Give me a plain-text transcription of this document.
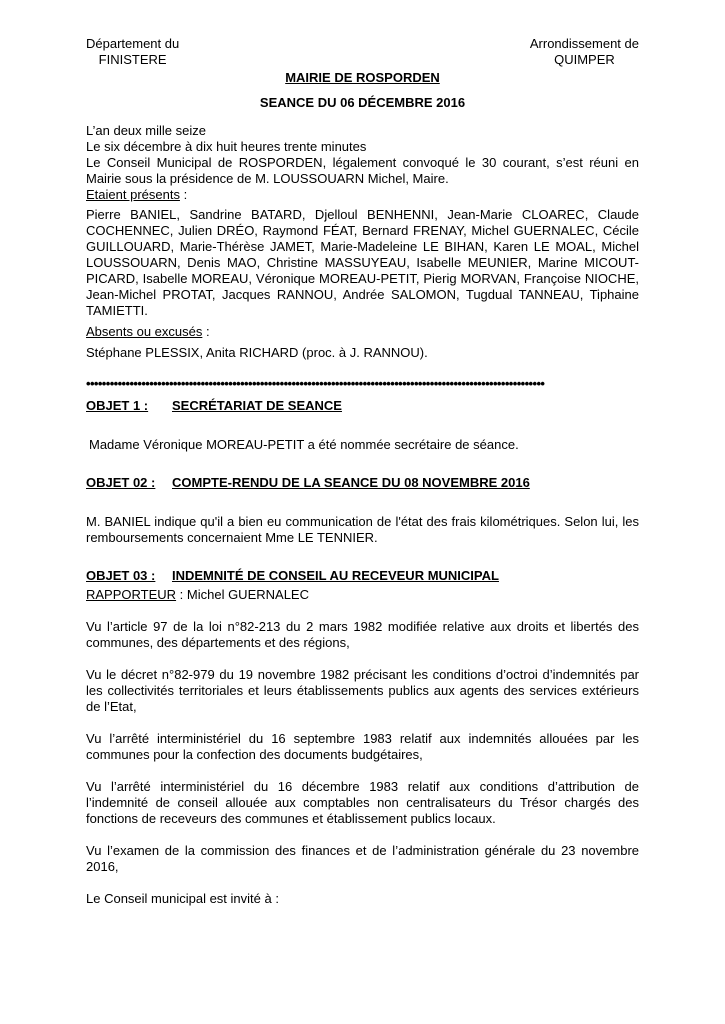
Département du
FINISTERE
Arrondissement de
QUIMPER
MAIRIE DE ROSPORDEN
SEANCE DU 06 DÉCEMBRE 2016

L’an deux mille seize

Le six décembre à dix huit heures trente minutes

Le Conseil Municipal de ROSPORDEN, légalement convoqué le 30 courant, s’est réuni en Mairie sous la présidence de M. LOUSSOUARN Michel, Maire.

Etaient présents :

Pierre BANIEL, Sandrine BATARD, Djelloul BENHENNI, Jean-Marie CLOAREC, Claude COCHENNEC, Julien DRÉO, Raymond FÉAT, Bernard FRENAY, Michel GUERNALEC, Cécile GUILLOUARD, Marie-Thérèse JAMET, Marie-Madeleine LE BIHAN, Karen LE MOAL, Michel LOUSSOUARN, Denis MAO, Christine MASSUYEAU, Isabelle MEUNIER, Marine MICOUT-PICARD, Isabelle MOREAU, Véronique MOREAU-PETIT, Pierig MORVAN, Françoise NIOCHE, Jean-Michel PROTAT, Jacques RANNOU, Andrée SALOMON, Tugdual TANNEAU, Tiphaine TAMIETTI.

Absents ou excusés :

Stéphane PLESSIX, Anita RICHARD (proc. à J. RANNOU).

••••••••••••••••••••••••••••••••••••••••••••••••••••••••••••••••••••••••••••••••••••••••••••••••••••••••••••••••••••
OBJET 1 : SECRÉTARIAT DE SEANCE

Madame Véronique MOREAU-PETIT a été nommée secrétaire de séance.

OBJET 02 : COMPTE-RENDU DE LA SEANCE DU 08 NOVEMBRE 2016

M. BANIEL indique qu'il a bien eu communication de l'état des frais kilométriques. Selon lui, les remboursements concernaient Mme LE TENNIER.

OBJET 03 : INDEMNITÉ DE CONSEIL AU RECEVEUR MUNICIPAL

RAPPORTEUR : Michel GUERNALEC

Vu l’article 97 de la loi n°82-213 du 2 mars 1982 modifiée relative aux droits et libertés des communes, des départements et des régions,

Vu le décret n°82-979 du 19 novembre 1982 précisant les conditions d’octroi d’indemnités par les collectivités territoriales et leurs établissements publics aux agents des services extérieurs de l’Etat,

Vu l’arrêté interministériel du 16 septembre 1983 relatif aux indemnités allouées par les communes pour la confection des documents budgétaires,

Vu l’arrêté interministériel du 16 décembre 1983 relatif aux conditions d’attribution de l’indemnité de conseil allouée aux comptables non centralisateurs du Trésor chargés des fonctions de receveurs des communes et établissement publics locaux.

Vu l’examen de la commission des finances et de l’administration générale du 23 novembre 2016,

Le Conseil municipal est invité à :
